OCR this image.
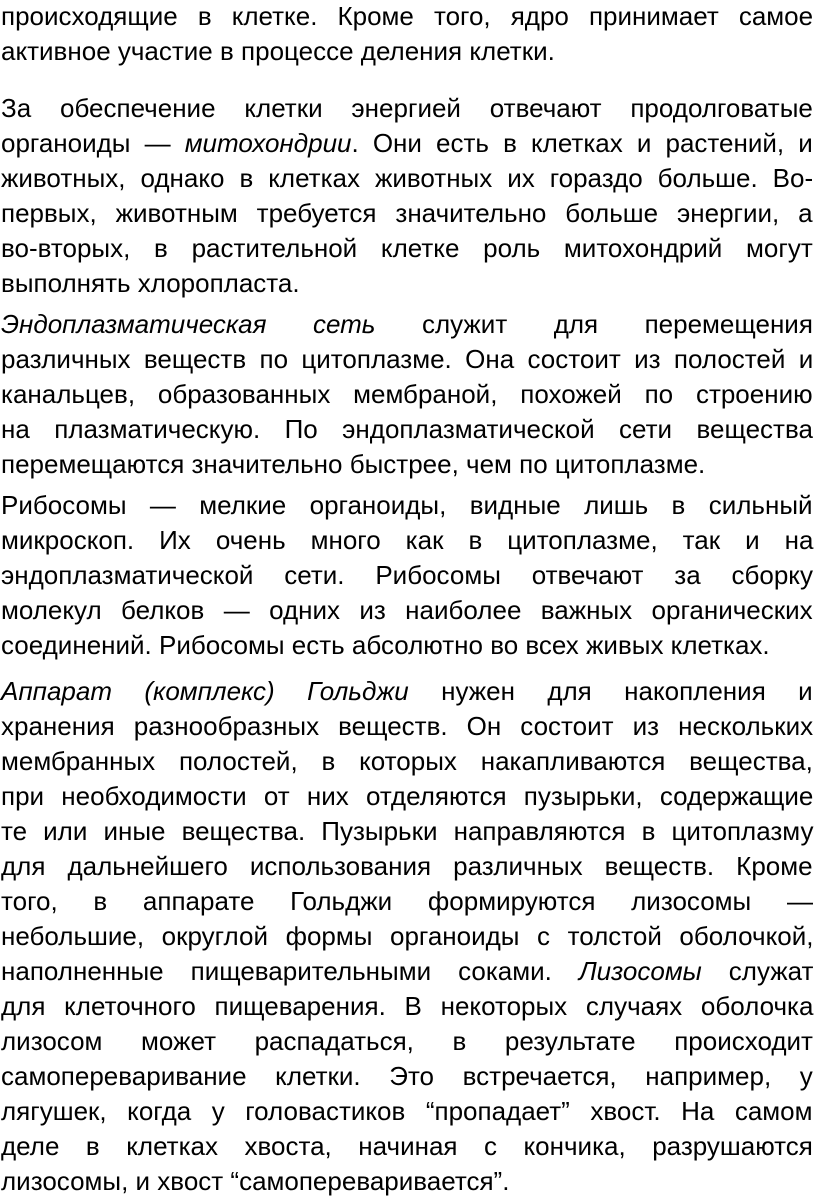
происходящие в клетке. Кроме того, ядро принимает самое
активное участие в процессе деления клетки.
За обеспечение клетки энергией отвечают продолговатые
органоиды — митохондрии. Они есть в клетках и растений, и
животных, однако в клетках животных их гораздо больше. Во-
первых, животным требуется значительно больше энергии, а
во-вторых, в растительной клетке роль митохондрий могут
выполнять хлоропласта.
Эндоплазматическая сеть служит для перемещения
различных веществ по цитоплазме. Она состоит из полостей и
канальцев, образованных мембраной, похожей по строению
на плазматическую. По эндоплазматической сети вещества
перемещаются значительно быстрее, чем по цитоплазме.
Рибосомы — мелкие органоиды, видные лишь в сильный
микроскоп. Их очень много как в цитоплазме, так и на
эндоплазматической сети. Рибосомы отвечают за сборку
молекул белков — одних из наиболее важных органических
соединений. Рибосомы есть абсолютно во всех живых клетках.
Аппарат (комплекс) Гольджи нужен для накопления и
хранения разнообразных веществ. Он состоит из нескольких
мембранных полостей, в которых накапливаются вещества,
при необходимости от них отделяются пузырьки, содержащие
те или иные вещества. Пузырьки направляются в цитоплазму
для дальнейшего использования различных веществ. Кроме
того, в аппарате Гольджи формируются лизосомы —
небольшие, округлой формы органоиды с толстой оболочкой,
наполненные пищеварительными соками. Лизосомы служат
для клеточного пищеварения. В некоторых случаях оболочка
лизосом может распадаться, в результате происходит
самопереваривание клетки. Это встречается, например, у
лягушек, когда у головастиков “пропадает” хвост. На самом
деле в клетках хвоста, начиная с кончика, разрушаются
лизосомы, и хвост “самопереваривается”.
